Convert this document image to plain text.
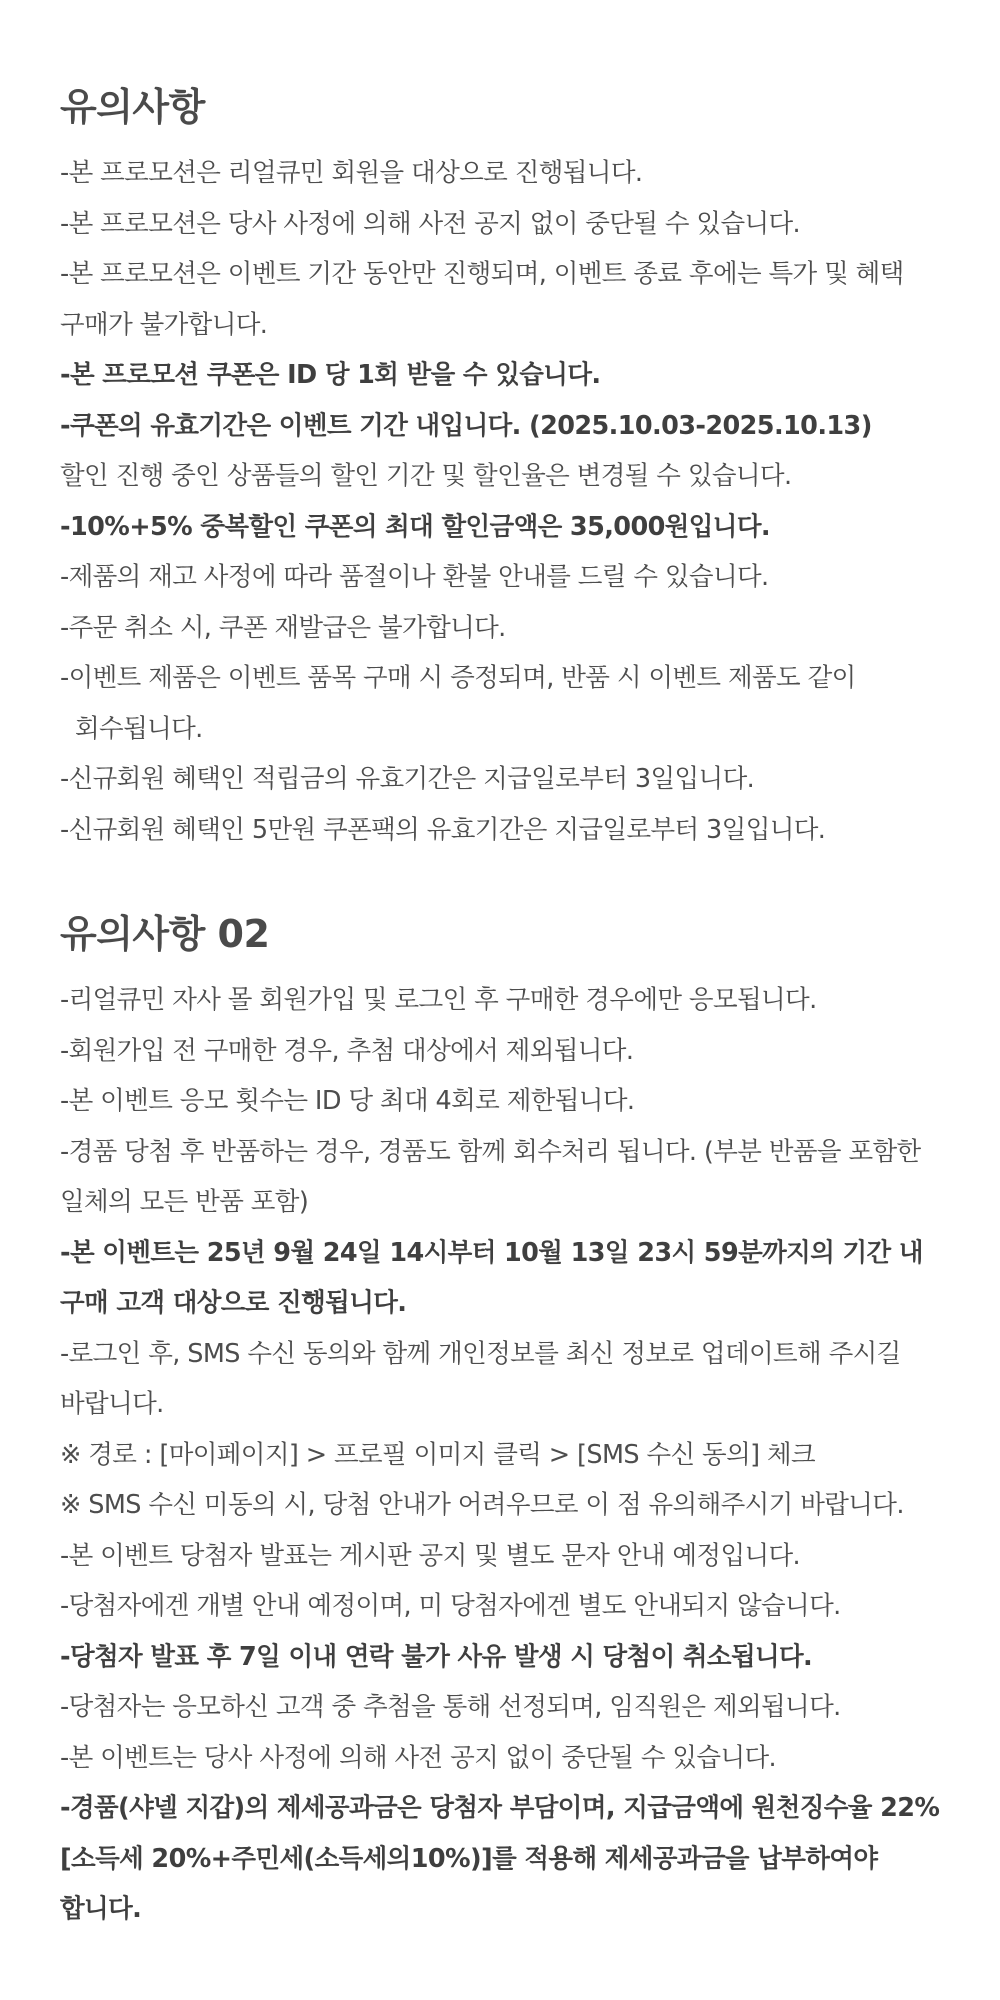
유의사항
-본 프로모션은 리얼큐민 회원을 대상으로 진행됩니다.
-본 프로모션은 당사 사정에 의해 사전 공지 없이 중단될 수 있습니다.
-본 프로모션은 이벤트 기간 동안만 진행되며, 이벤트 종료 후에는 특가 및 혜택 구매가 불가합니다.
-본 프로모션 쿠폰은 ID 당 1회 받을 수 있습니다.
-쿠폰의 유효기간은 이벤트 기간 내입니다. (2025.10.03-2025.10.13)
할인 진행 중인 상품들의 할인 기간 및 할인율은 변경될 수 있습니다.
-10%+5% 중복할인 쿠폰의 최대 할인금액은 35,000원입니다.
-제품의 재고 사정에 따라 품절이나 환불 안내를 드릴 수 있습니다.
-주문 취소 시, 쿠폰 재발급은 불가합니다.
-이벤트 제품은 이벤트 품목 구매 시 증정되며, 반품 시 이벤트 제품도 같이
회수됩니다.
-신규회원 혜택인 적립금의 유효기간은 지급일로부터 3일입니다.
-신규회원 혜택인 5만원 쿠폰팩의 유효기간은 지급일로부터 3일입니다.
유의사항 02
-리얼큐민 자사 몰 회원가입 및 로그인 후 구매한 경우에만 응모됩니다.
-회원가입 전 구매한 경우, 추첨 대상에서 제외됩니다.
-본 이벤트 응모 횟수는 ID 당 최대 4회로 제한됩니다.
-경품 당첨 후 반품하는 경우, 경품도 함께 회수처리 됩니다. (부분 반품을 포함한 일체의 모든 반품 포함)
-본 이벤트는 25년 9월 24일 14시부터 10월 13일 23시 59분까지의 기간 내 구매 고객 대상으로 진행됩니다.
-로그인 후, SMS 수신 동의와 함께 개인정보를 최신 정보로 업데이트해 주시길 바랍니다.
※ 경로 : [마이페이지] > 프로필 이미지 클릭 > [SMS 수신 동의] 체크
※ SMS 수신 미동의 시, 당첨 안내가 어려우므로 이 점 유의해주시기 바랍니다.
-본 이벤트 당첨자 발표는 게시판 공지 및 별도 문자 안내 예정입니다.
-당첨자에겐 개별 안내 예정이며, 미 당첨자에겐 별도 안내되지 않습니다.
-당첨자 발표 후 7일 이내 연락 불가 사유 발생 시 당첨이 취소됩니다.
-당첨자는 응모하신 고객 중 추첨을 통해 선정되며, 임직원은 제외됩니다.
-본 이벤트는 당사 사정에 의해 사전 공지 없이 중단될 수 있습니다.
-경품(샤넬 지갑)의 제세공과금은 당첨자 부담이며, 지급금액에 원천징수율 22%[소득세 20%+주민세(소득세의10%)]를 적용해 제세공과금을 납부하여야 합니다.
